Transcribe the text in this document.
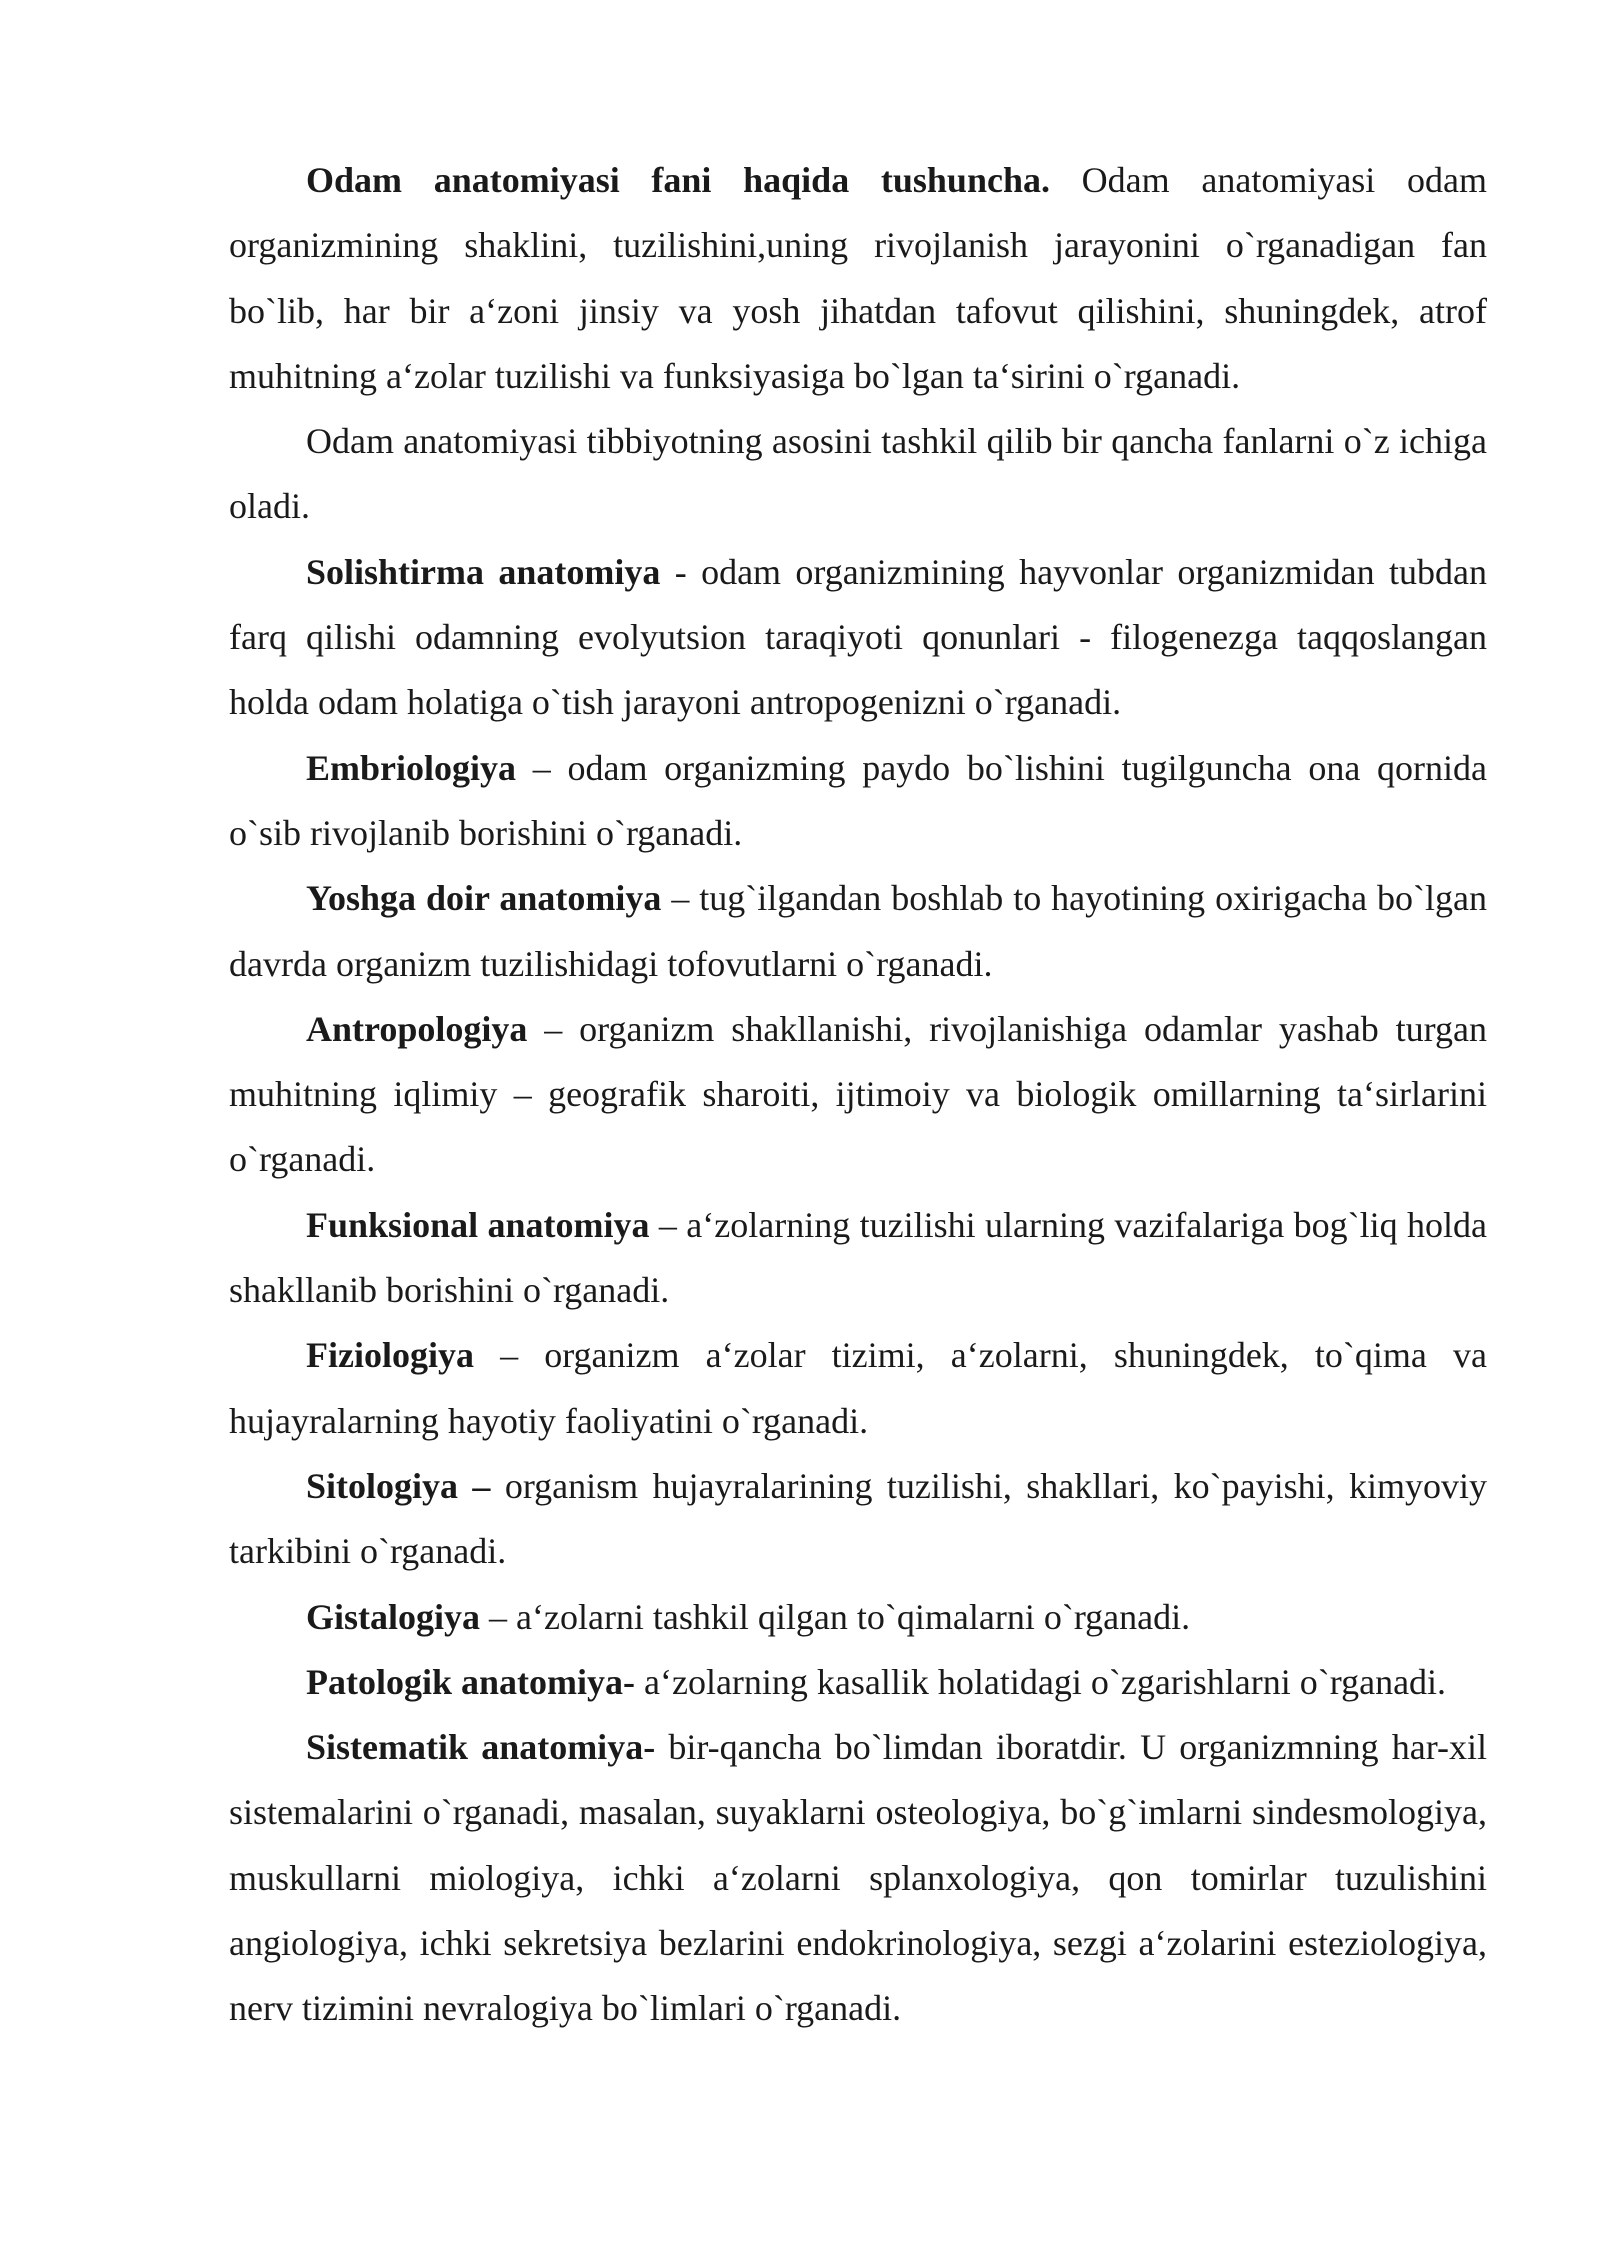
Odam anatomiyasi fani haqida tushuncha. Odam anatomiyasi odam organizmining shaklini, tuzilishini,uning rivojlanish jarayonini o`rganadigan fan bo`lib, har bir a‘zoni jinsiy va yosh jihatdan tafovut qilishini, shuningdek, atrof muhitning a‘zolar tuzilishi va funksiyasiga bo`lgan ta‘sirini o`rganadi.

Odam anatomiyasi tibbiyotning asosini tashkil qilib bir qancha fanlarni o`z ichiga oladi.

Solishtirma anatomiya - odam organizmining hayvonlar organizmidan tubdan farq qilishi odamning evolyutsion taraqiyoti qonunlari - filogenezga taqqoslangan holda odam holatiga o`tish jarayoni antropogenizni o`rganadi.

Embriologiya – odam organizming paydo bo`lishini tugilguncha ona qornida o`sib rivojlanib borishini o`rganadi.

Yoshga doir anatomiya – tug`ilgandan boshlab to hayotining oxirigacha bo`lgan davrda organizm tuzilishidagi tofovutlarni o`rganadi.

Antropologiya – organizm shakllanishi, rivojlanishiga odamlar yashab turgan muhitning iqlimiy – geografik sharoiti, ijtimoiy va biologik omillarning ta‘sirlarini o`rganadi.

Funksional anatomiya – a‘zolarning tuzilishi ularning vazifalariga bog`liq holda shakllanib borishini o`rganadi.

Fiziologiya – organizm a‘zolar tizimi, a‘zolarni, shuningdek, to`qima va hujayralarning hayotiy faoliyatini o`rganadi.

Sitologiya – organism hujayralarining tuzilishi, shakllari, ko`payishi, kimyoviy tarkibini o`rganadi.

Gistalogiya – a‘zolarni tashkil qilgan to`qimalarni o`rganadi.

Patologik anatomiya- a‘zolarning kasallik holatidagi o`zgarishlarni o`rganadi.

Sistematik anatomiya- bir-qancha bo`limdan iboratdir. U organizmning har-xil sistemalarini o`rganadi, masalan, suyaklarni osteologiya, bo`g`imlarni sindesmologiya, muskullarni miologiya, ichki a‘zolarni splanxologiya, qon tomirlar tuzulishini angiologiya, ichki sekretsiya bezlarini endokrinologiya, sezgi a‘zolarini esteziologiya, nerv tizimini nevralogiya bo`limlari o`rganadi.
